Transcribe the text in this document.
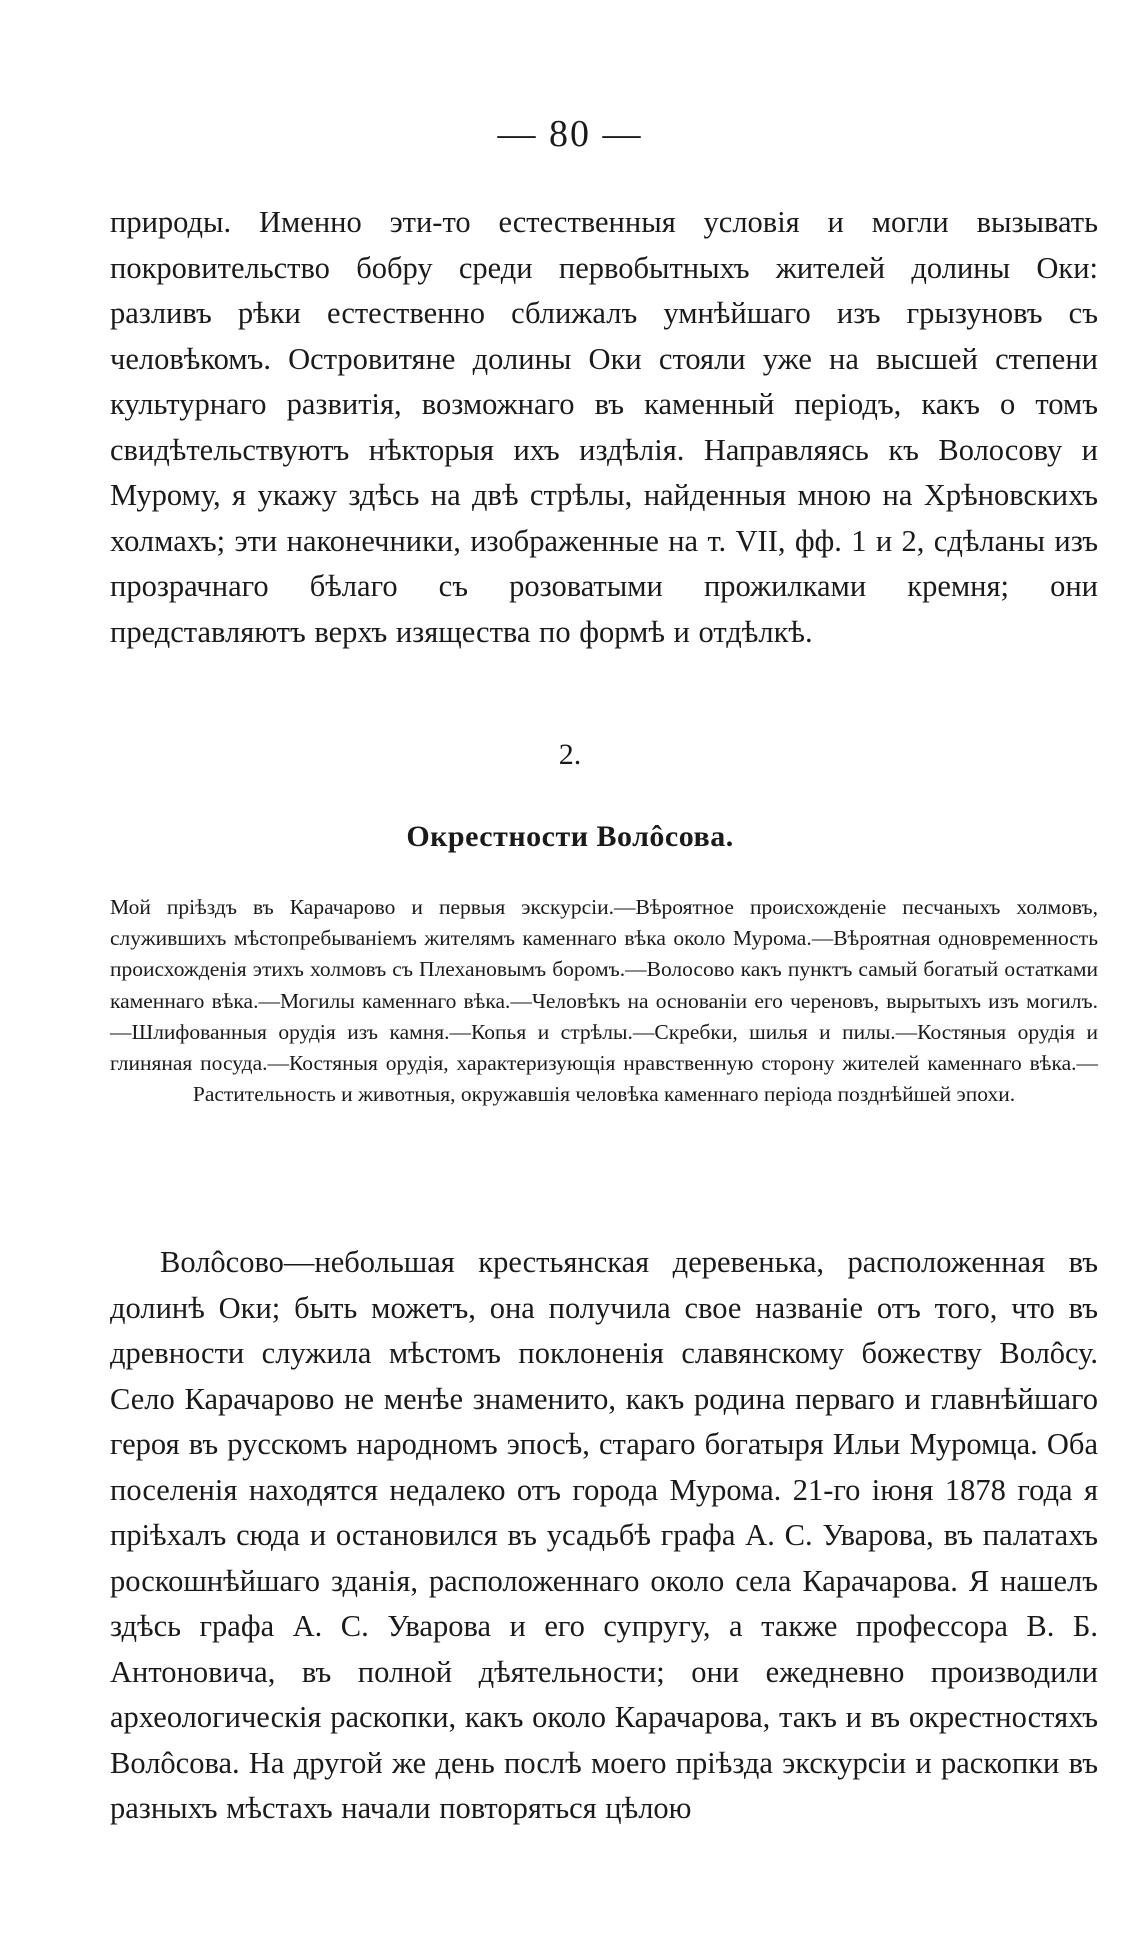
— 80 —

природы. Именно эти-то естественныя условія и могли вызывать покровительство бобру среди первобытныхъ жителей долины Оки: разливъ рѣки естественно сближалъ умнѣйшаго изъ грызуновъ съ человѣкомъ. Островитяне долины Оки стояли уже на высшей степени культурнаго развитія, возможнаго въ каменный періодъ, какъ о томъ свидѣтельствуютъ нѣкторыя ихъ издѣлія. Направляясь къ Волосову и Мурому, я укажу здѣсь на двѣ стрѣлы, найденныя мною на Хрѣновскихъ холмахъ; эти наконечники, изображенные на т. VII, фф. 1 и 2, сдѣланы изъ прозрачнаго бѣлаго съ розоватыми прожилками кремня; они представляютъ верхъ изящества по формѣ и отдѣлкѣ.

2.
Окрестности Волôсова.

Мой пріѣздъ въ Карачарово и первыя экскурсіи.—Вѣроятное происхожденіе песчаныхъ холмовъ, служившихъ мѣстопребываніемъ жителямъ каменнаго вѣка около Мурома.—Вѣроятная одновременность происхожденія этихъ холмовъ съ Плехановымъ боромъ.—Волосово какъ пунктъ самый богатый остатками каменнаго вѣка.—Могилы каменнаго вѣка.—Человѣкъ на основаніи его череновъ, вырытыхъ изъ могилъ.—Шлифованныя орудія изъ камня.—Копья и стрѣлы.—Скребки, шилья и пилы.—Костяныя орудія и глиняная посуда.—Костяныя орудія, характеризующія нравственную сторону жителей каменнаго вѣка.—Растительность и животныя, окружавшія человѣка каменнаго періода позднѣйшей эпохи.

Волôсово—небольшая крестьянская деревенька, расположенная въ долинѣ Оки; быть можетъ, она получила свое названіе отъ того, что въ древности служила мѣстомъ поклоненія славянскому божеству Волôсу. Село Карачарово не менѣе знаменито, какъ родина перваго и главнѣйшаго героя въ русскомъ народномъ эпосѣ, стараго богатыря Ильи Муромца. Оба поселенія находятся недалеко отъ города Мурома. 21-го іюня 1878 года я пріѣхалъ сюда и остановился въ усадьбѣ графа А. С. Уварова, въ палатахъ роскошнѣйшаго зданія, расположеннаго около села Карачарова. Я нашелъ здѣсь графа А. С. Уварова и его супругу, а также профессора В. Б. Антоновича, въ полной дѣятельности; они ежедневно производили археологическія раскопки, какъ около Карачарова, такъ и въ окрестностяхъ Волôсова. На другой же день послѣ моего пріѣзда экскурсіи и раскопки въ разныхъ мѣстахъ начали повторяться цѣлою
